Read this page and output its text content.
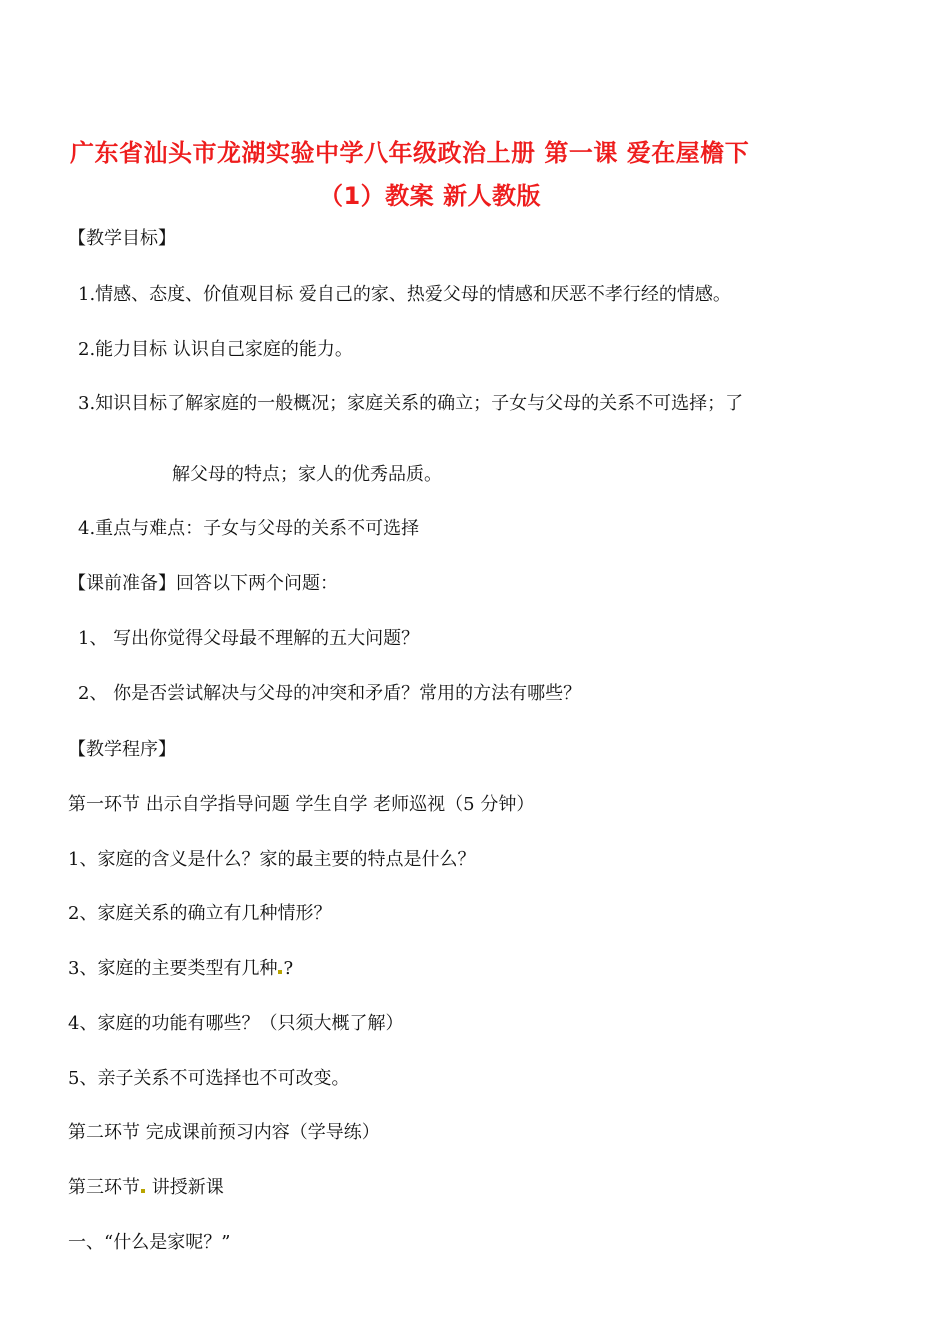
广东省汕头市龙湖实验中学八年级政治上册 第一课 爱在屋檐下
（1）教案 新人教版
【教学目标】
1.情感、态度、价值观目标 爱自己的家、热爱父母的情感和厌恶不孝行经的情感。
2.能力目标 认识自己家庭的能力。
3.知识目标了解家庭的一般概况；家庭关系的确立；子女与父母的关系不可选择；了
解父母的特点；家人的优秀品质。
4.重点与难点：子女与父母的关系不可选择
【课前准备】回答以下两个问题：
1、 写出你觉得父母最不理解的五大问题？
2、 你是否尝试解决与父母的冲突和矛盾？常用的方法有哪些？
【教学程序】
第一环节 出示自学指导问题 学生自学 老师巡视（5 分钟）
1、家庭的含义是什么？家的最主要的特点是什么？
2、家庭关系的确立有几种情形？
3、家庭的主要类型有几种 ?
4、家庭的功能有哪些？（只须大概了解）
5、亲子关系不可选择也不可改变。
第二环节 完成课前预习内容（学导练）
第三环节 讲授新课
一、“什么是家呢？”
